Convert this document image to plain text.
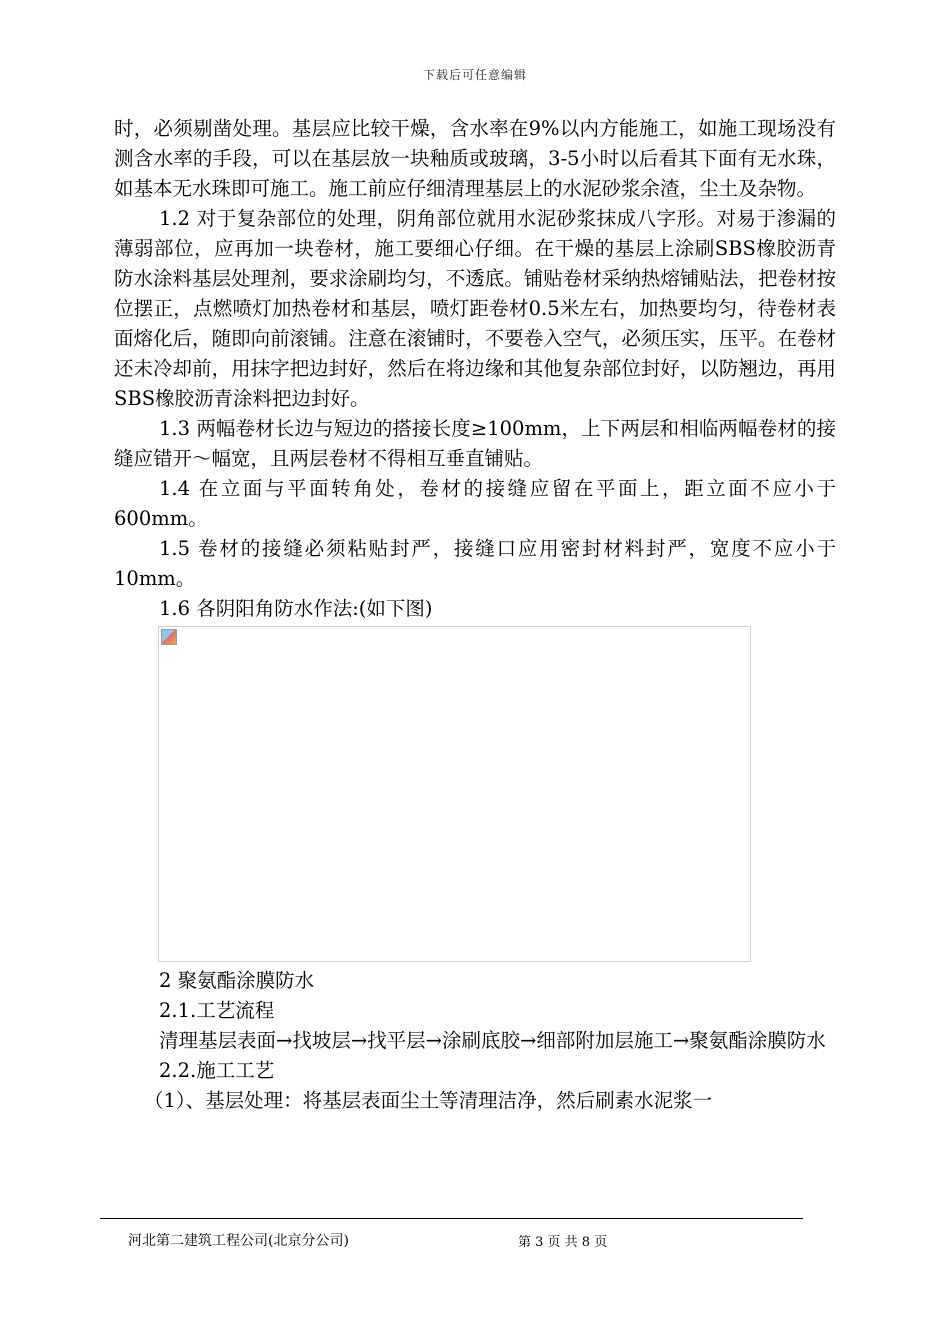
下载后可任意编辑

时，必须剔凿处理。基层应比较干燥，含水率在9%以内方能施工，如施工现场没有测含水率的手段，可以在基层放一块釉质或玻璃，3-5小时以后看其下面有无水珠，如基本无水珠即可施工。施工前应仔细清理基层上的水泥砂浆余渣，尘土及杂物。

1.2 对于复杂部位的处理，阴角部位就用水泥砂浆抹成八字形。对易于渗漏的薄弱部位，应再加一块卷材，施工要细心仔细。在干燥的基层上涂刷SBS橡胶沥青防水涂料基层处理剂，要求涂刷均匀，不透底。铺贴卷材采纳热熔铺贴法，把卷材按位摆正，点燃喷灯加热卷材和基层，喷灯距卷材0.5米左右，加热要均匀，待卷材表面熔化后，随即向前滚铺。注意在滚铺时，不要卷入空气，必须压实，压平。在卷材还未冷却前，用抹字把边封好，然后在将边缘和其他复杂部位封好，以防翘边，再用SBS橡胶沥青涂料把边封好。

1.3 两幅卷材长边与短边的搭接长度≥100mm，上下两层和相临两幅卷材的接缝应错开～幅宽，且两层卷材不得相互垂直铺贴。

1.4 在立面与平面转角处，卷材的接缝应留在平面上，距立面不应小于600mm。

1.5 卷材的接缝必须粘贴封严，接缝口应用密封材料封严，宽度不应小于10mm。

1.6 各阴阳角防水作法:(如下图)

2 聚氨酯涂膜防水

2.1.工艺流程

清理基层表面→找坡层→找平层→涂刷底胶→细部附加层施工→聚氨酯涂膜防水

2.2.施工工艺

（1）、基层处理：将基层表面尘土等清理洁净，然后刷素水泥浆一

河北第二建筑工程公司(北京分公司)	第 3 页 共 8 页
